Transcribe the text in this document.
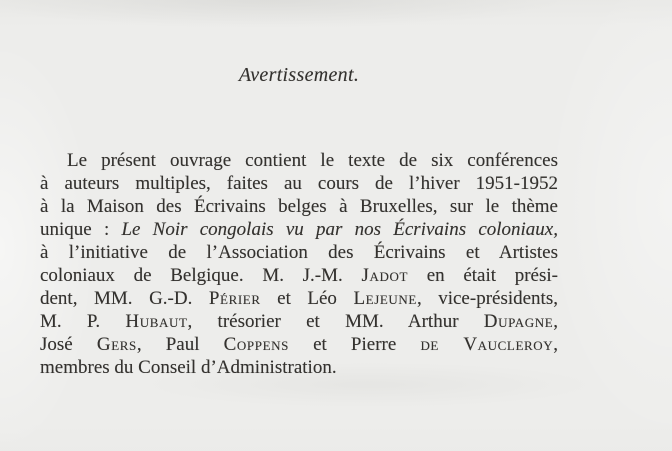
Avertissement.
Le présent ouvrage contient le texte de six conférences
à auteurs multiples, faites au cours de l’hiver 1951-1952
à la Maison des Écrivains belges à Bruxelles, sur le thème
unique : Le Noir congolais vu par nos Écrivains coloniaux,
à l’initiative de l’Association des Écrivains et Artistes
coloniaux de Belgique. M. J.-M. Jadot en était prési-
dent, MM. G.-D. Périer et Léo Lejeune, vice-présidents,
M. P. Hubaut, trésorier et MM. Arthur Dupagne,
José Gers, Paul Coppens et Pierre de Vaucleroy,
membres du Conseil d’Administration.
